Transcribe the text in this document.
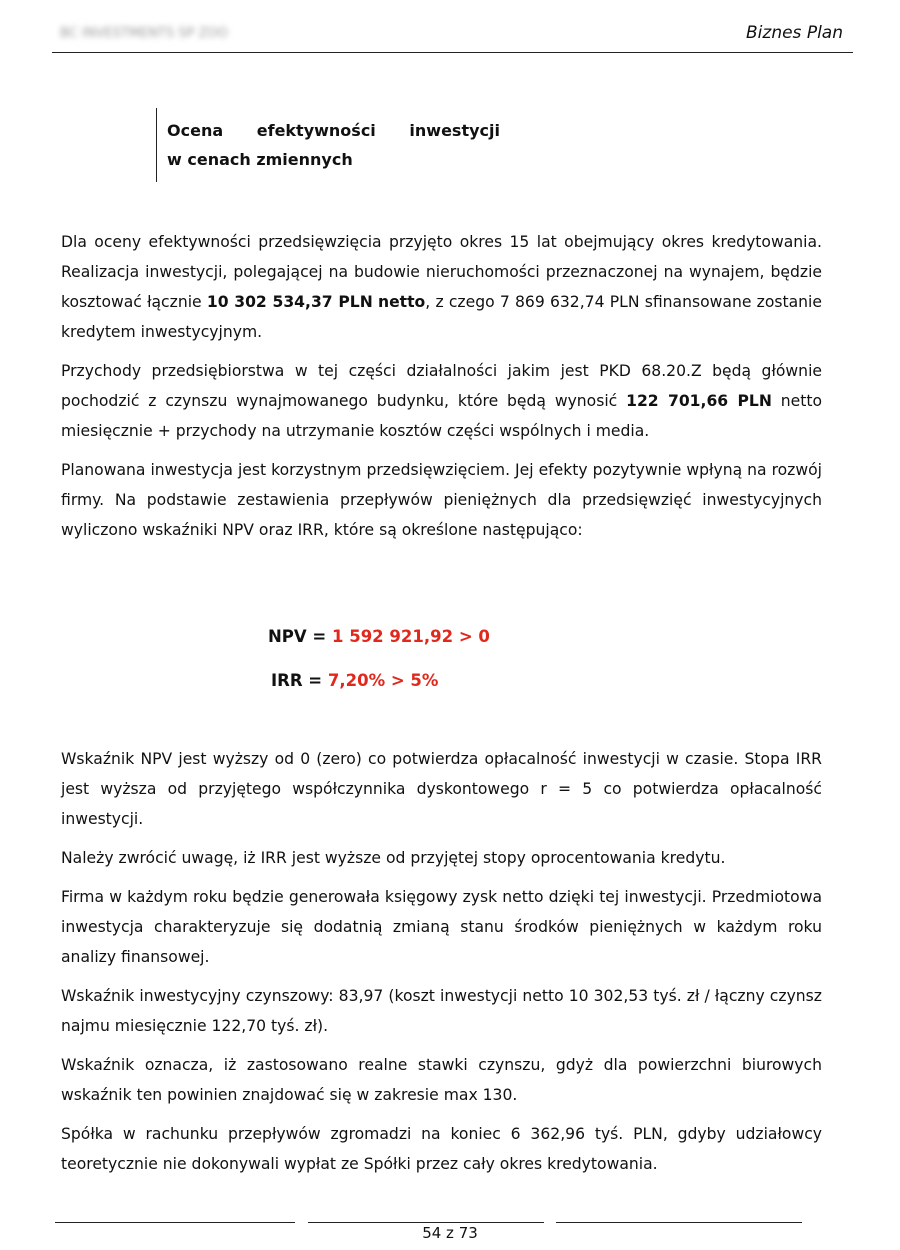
BC INVESTMENTS SP ZOO	Biznes Plan
Ocena efektywności inwestycji
w cenach zmiennych

Dla oceny efektywności przedsięwzięcia przyjęto okres 15 lat obejmujący okres kredytowania. Realizacja inwestycji, polegającej na budowie nieruchomości przeznaczonej na wynajem, będzie kosztować łącznie 10 302 534,37 PLN netto, z czego 7 869 632,74 PLN sfinansowane zostanie kredytem inwestycyjnym.

Przychody przedsiębiorstwa w tej części działalności jakim jest PKD 68.20.Z będą głównie pochodzić z czynszu wynajmowanego budynku, które będą wynosić 122 701,66 PLN netto miesięcznie + przychody na utrzymanie kosztów części wspólnych i media.

Planowana inwestycja jest korzystnym przedsięwzięciem. Jej efekty pozytywnie wpłyną na rozwój firmy. Na podstawie zestawienia przepływów pieniężnych dla przedsięwzięć inwestycyjnych wyliczono wskaźniki NPV oraz IRR, które są określone następująco:

NPV = 1 592 921,92 > 0
IRR = 7,20% > 5%

Wskaźnik NPV jest wyższy od 0 (zero) co potwierdza opłacalność inwestycji w czasie. Stopa IRR jest wyższa od przyjętego współczynnika dyskontowego r = 5 co potwierdza opłacalność inwestycji.

Należy zwrócić uwagę, iż IRR jest wyższe od przyjętej stopy oprocentowania kredytu.

Firma w każdym roku będzie generowała księgowy zysk netto dzięki tej inwestycji. Przedmiotowa inwestycja charakteryzuje się dodatnią zmianą stanu środków pieniężnych w każdym roku analizy finansowej.

Wskaźnik inwestycyjny czynszowy: 83,97 (koszt inwestycji netto 10 302,53 tyś. zł / łączny czynsz najmu miesięcznie 122,70 tyś. zł).

Wskaźnik oznacza, iż zastosowano realne stawki czynszu, gdyż dla powierzchni biurowych wskaźnik ten powinien znajdować się w zakresie max 130.

Spółka w rachunku przepływów zgromadzi na koniec 6 362,96 tyś. PLN, gdyby udziałowcy teoretycznie nie dokonywali wypłat ze Spółki przez cały okres kredytowania.

54 z 73
